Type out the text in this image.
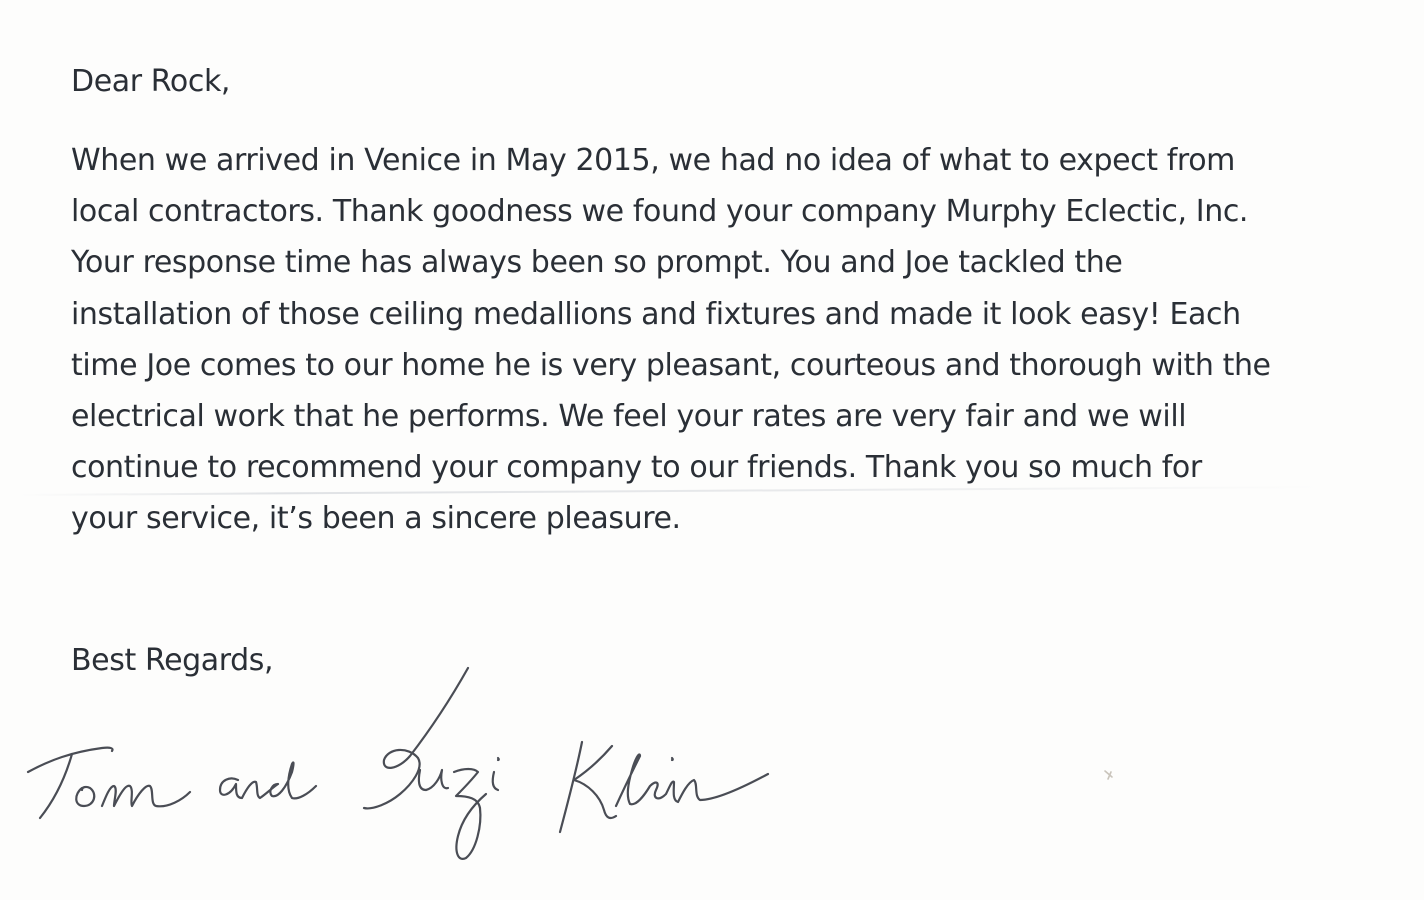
Dear Rock,

When we arrived in Venice in May 2015, we had no idea of what to expect from
local contractors. Thank goodness we found your company Murphy Eclectic, Inc.
Your response time has always been so prompt. You and Joe tackled the
installation of those ceiling medallions and fixtures and made it look easy! Each
time Joe comes to our home he is very pleasant, courteous and thorough with the
electrical work that he performs. We feel your rates are very fair and we will
continue to recommend your company to our friends. Thank you so much for
your service, it’s been a sincere pleasure.

Best Regards,
